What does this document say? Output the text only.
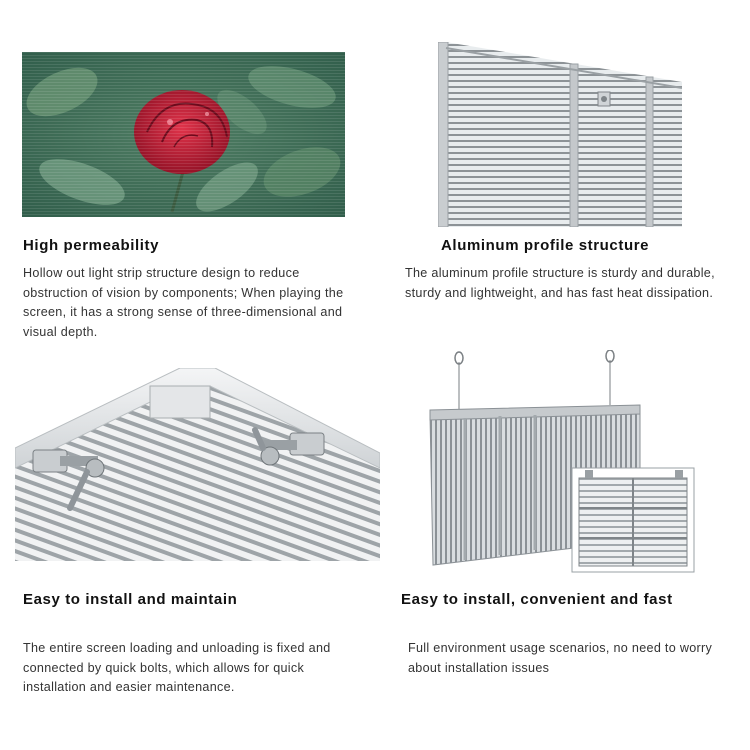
High permeability
Hollow out light strip structure design to reduce obstruction of vision by components; When playing the screen, it has a strong sense of three-dimensional and visual depth.
Aluminum profile structure
The aluminum profile structure is sturdy and durable, sturdy and lightweight, and has fast heat dissipation.
Easy to install and maintain
The entire screen loading and unloading is fixed and connected by quick bolts, which allows for quick installation and easier maintenance.
Easy to install, convenient and fast
Full environment usage scenarios, no need to worry about installation issues
